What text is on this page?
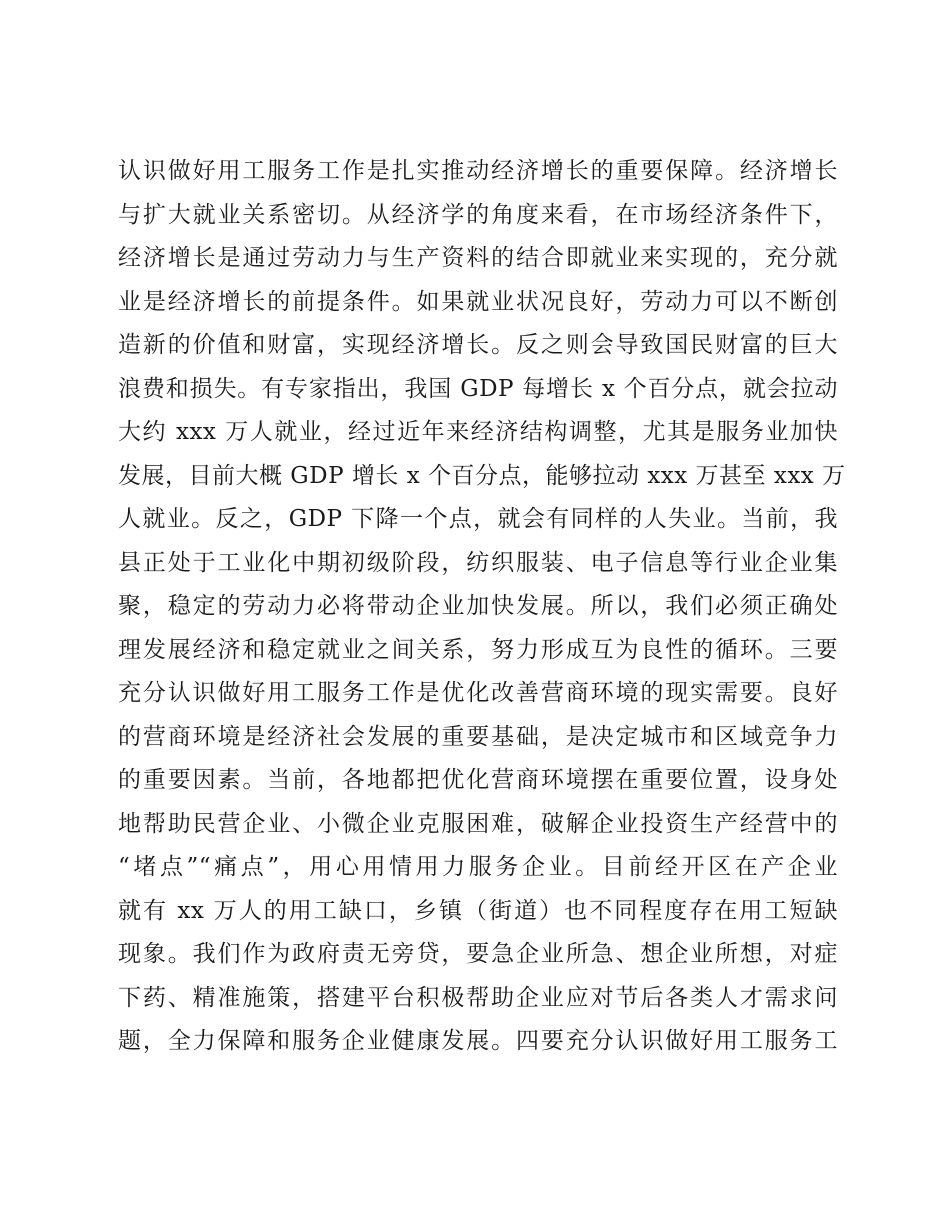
认识做好用工服务工作是扎实推动经济增长的重要保障。经济增长
与扩大就业关系密切。从经济学的角度来看，在市场经济条件下，
经济增长是通过劳动力与生产资料的结合即就业来实现的，充分就
业是经济增长的前提条件。如果就业状况良好，劳动力可以不断创
造新的价值和财富，实现经济增长。反之则会导致国民财富的巨大
浪费和损失。有专家指出，我国 GDP 每增长 x 个百分点，就会拉动
大约 xxx 万人就业，经过近年来经济结构调整，尤其是服务业加快
发展，目前大概 GDP 增长 x 个百分点，能够拉动 xxx 万甚至 xxx 万
人就业。反之，GDP 下降一个点，就会有同样的人失业。当前，我
县正处于工业化中期初级阶段，纺织服装、电子信息等行业企业集
聚，稳定的劳动力必将带动企业加快发展。所以，我们必须正确处
理发展经济和稳定就业之间关系，努力形成互为良性的循环。三要
充分认识做好用工服务工作是优化改善营商环境的现实需要。良好
的营商环境是经济社会发展的重要基础，是决定城市和区域竞争力
的重要因素。当前，各地都把优化营商环境摆在重要位置，设身处
地帮助民营企业、小微企业克服困难，破解企业投资生产经营中的
“堵点”“痛点”，用心用情用力服务企业。目前经开区在产企业
就有 xx 万人的用工缺口，乡镇（街道）也不同程度存在用工短缺
现象。我们作为政府责无旁贷，要急企业所急、想企业所想，对症
下药、精准施策，搭建平台积极帮助企业应对节后各类人才需求问
题，全力保障和服务企业健康发展。四要充分认识做好用工服务工
